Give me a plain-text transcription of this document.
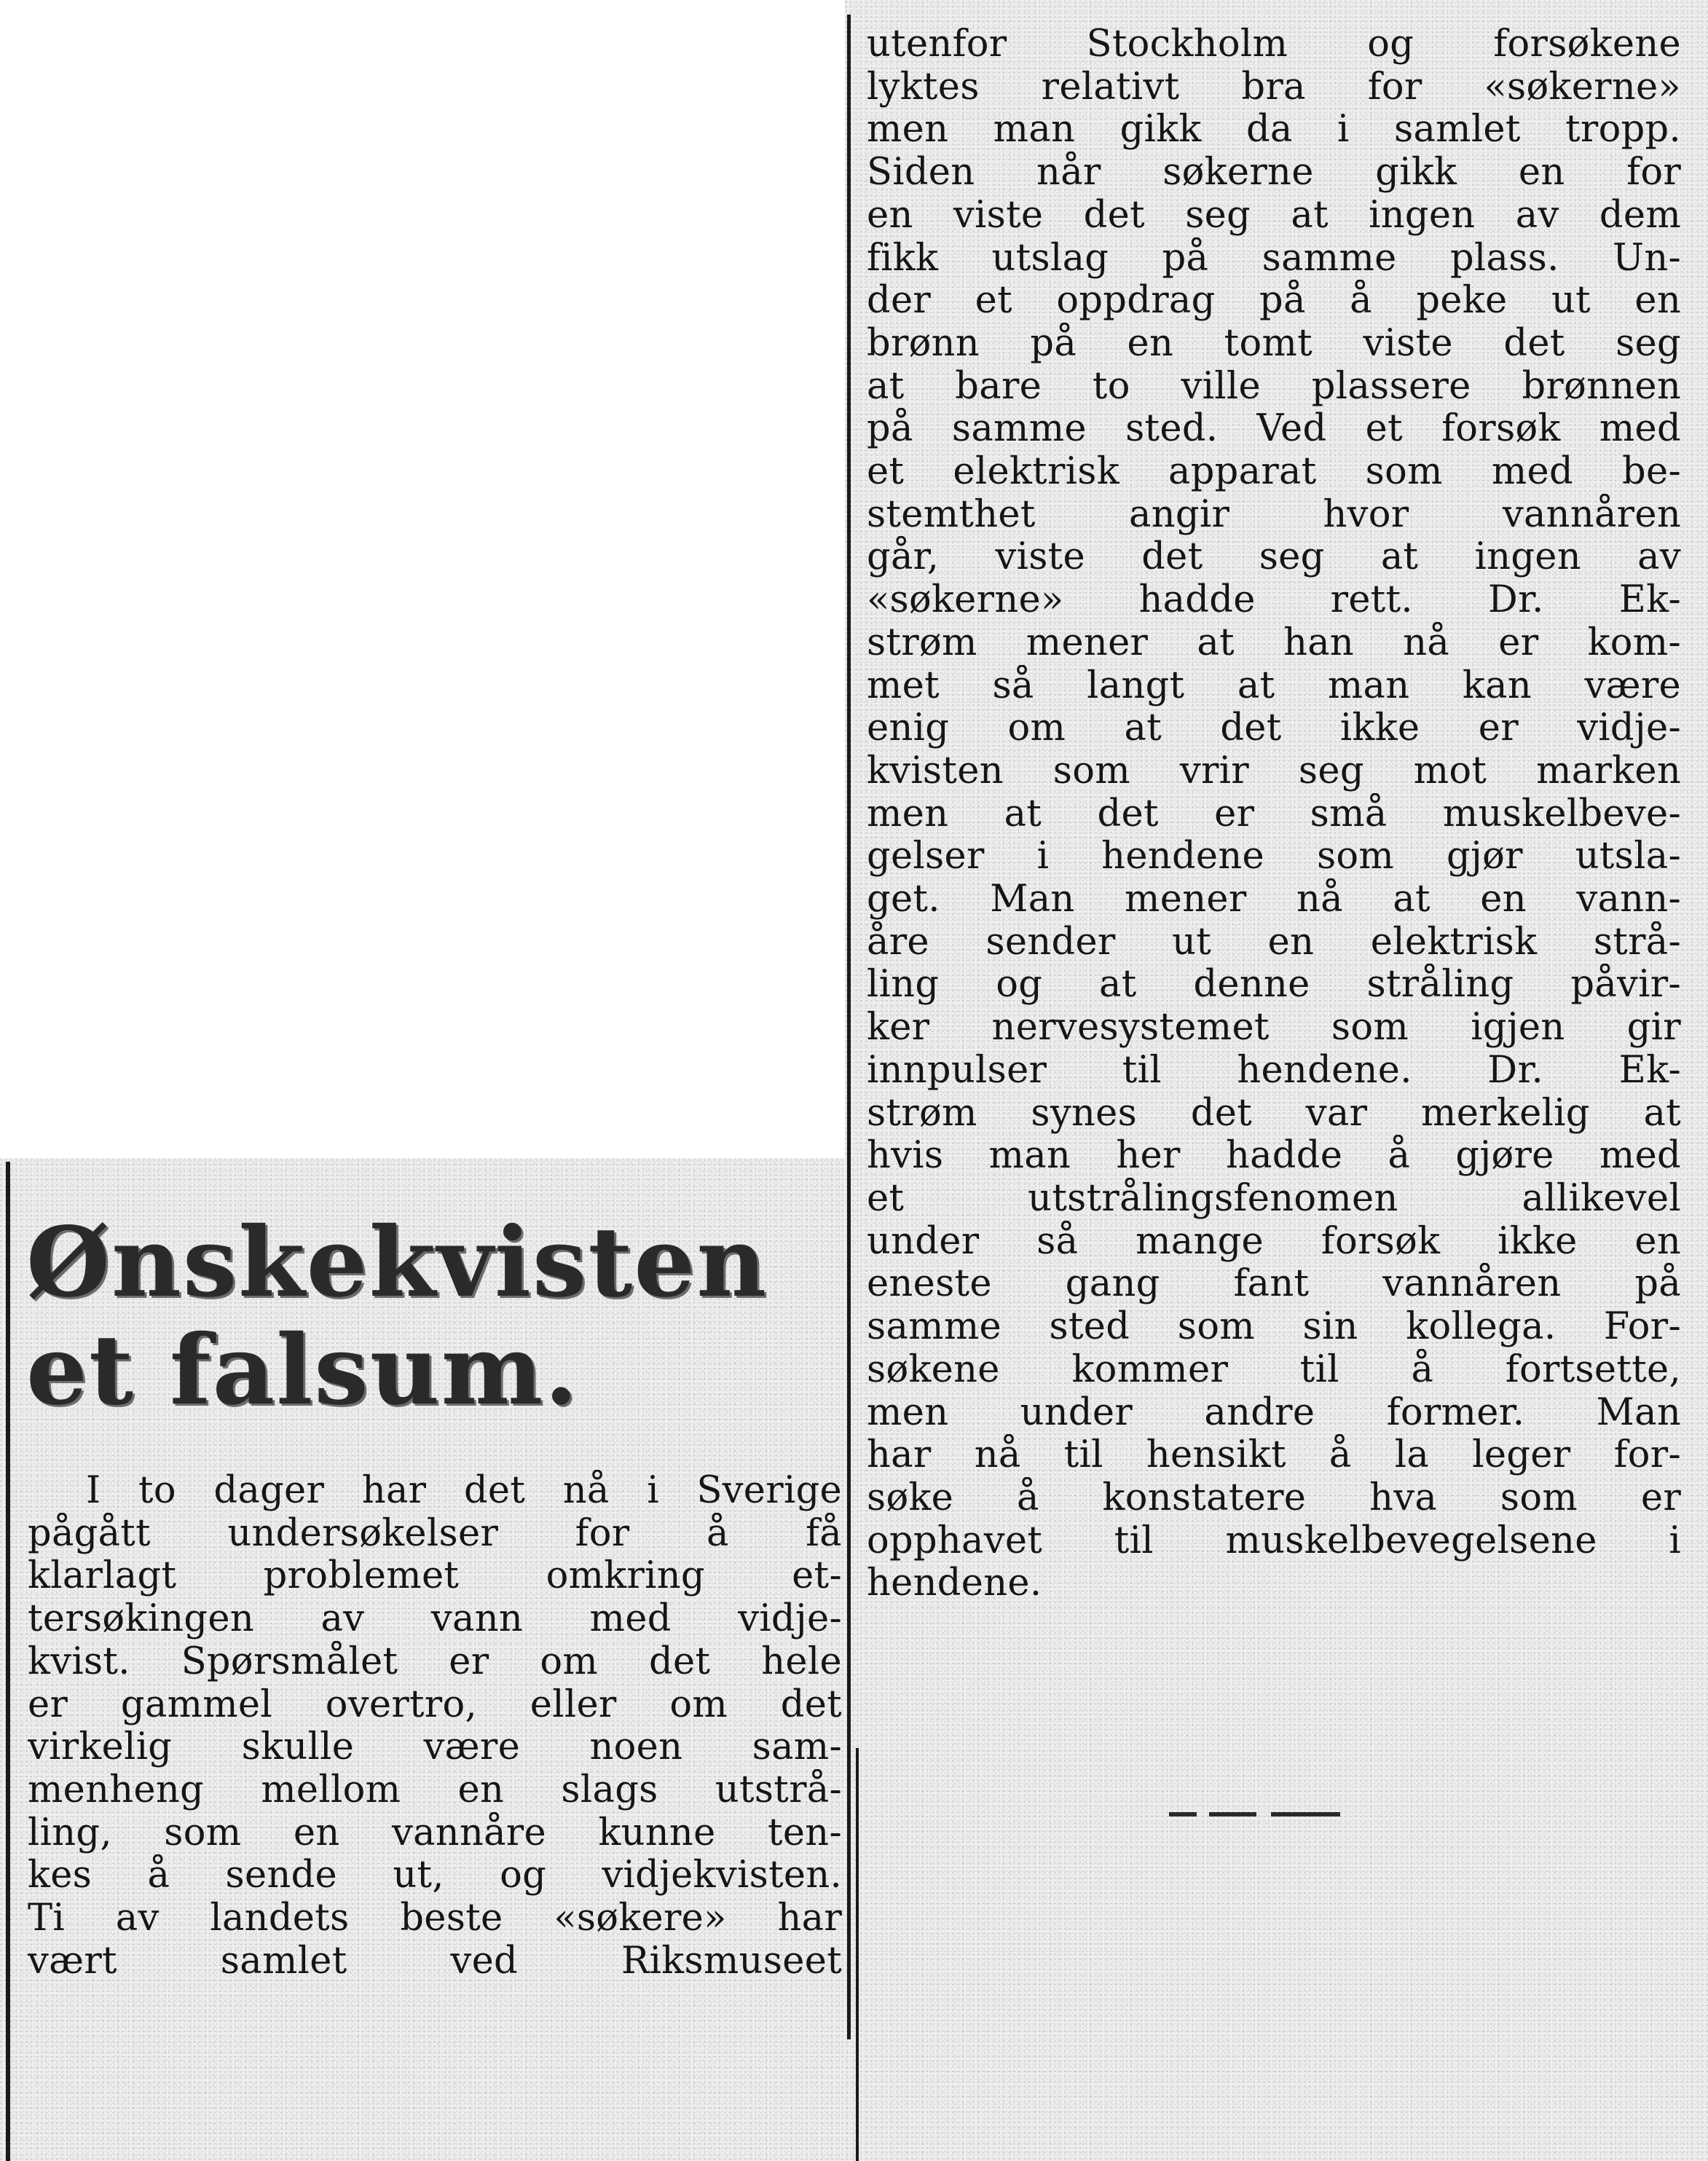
utenfor Stockholm og forsøkene
lyktes relativt bra for «søkerne»
men man gikk da i samlet tropp.
Siden når søkerne gikk en for
en viste det seg at ingen av dem
fikk utslag på samme plass. Un-
der et oppdrag på å peke ut en
brønn på en tomt viste det seg
at bare to ville plassere brønnen
på samme sted. Ved et forsøk med
et elektrisk apparat som med be-
stemthet angir hvor vannåren
går, viste det seg at ingen av
«søkerne» hadde rett. Dr. Ek-
strøm mener at han nå er kom-
met så langt at man kan være
enig om at det ikke er vidje-
kvisten som vrir seg mot marken
men at det er små muskelbeve-
gelser i hendene som gjør utsla-
get. Man mener nå at en vann-
åre sender ut en elektrisk strå-
ling og at denne stråling påvir-
ker nervesystemet som igjen gir
innpulser til hendene. Dr. Ek-
strøm synes det var merkelig at
hvis man her hadde å gjøre med
et utstrålingsfenomen allikevel
under så mange forsøk ikke en
eneste gang fant vannåren på
samme sted som sin kollega. For-
søkene kommer til å fortsette,
men under andre former. Man
har nå til hensikt å la leger for-
søke å konstatere hva som er
opphavet til muskelbevegelsene i
hendene.
Ønskekvisten
et falsum.
I to dager har det nå i Sverige
pågått undersøkelser for å få
klarlagt problemet omkring et-
tersøkingen av vann med vidje-
kvist. Spørsmålet er om det hele
er gammel overtro, eller om det
virkelig skulle være noen sam-
menheng mellom en slags utstrå-
ling, som en vannåre kunne ten-
kes å sende ut, og vidjekvisten.
Ti av landets beste «søkere» har
vært samlet ved Riksmuseet
